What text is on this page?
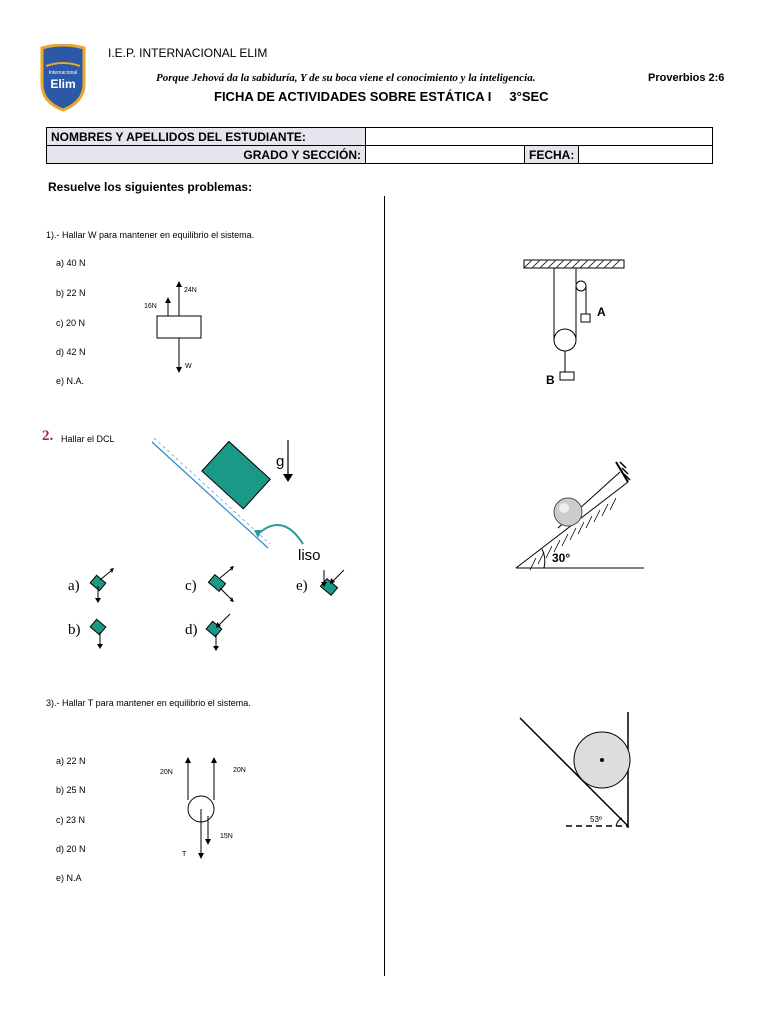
Internacional
Elim
I.E.P. INTERNACIONAL ELIM
Porque Jehová da la sabiduría, Y de su boca viene el conocimiento y la inteligencia.	Proverbios 2:6
FICHA DE ACTIVIDADES SOBRE ESTÁTICA I     3°SEC
NOMBRES Y APELLIDOS DEL ESTUDIANTE:			
GRADO Y SECCIÓN:		FECHA:	
Resuelve los siguientes problemas:
1).- Hallar W para mantener en equilibrio el sistema.
a) 40 N
b) 22 N
c) 20 N
d) 42 N
e) N.A.
24N
16N
W
2. Hallar el DCL
g
liso
a)
b)
c)
d)
e)
3).- Hallar T para mantener en equilibrio el sistema.
a) 22 N
b) 25 N
c) 23 N
d) 20 N
e) N.A
20N	20N
15N
T
A
B
30°
53º
